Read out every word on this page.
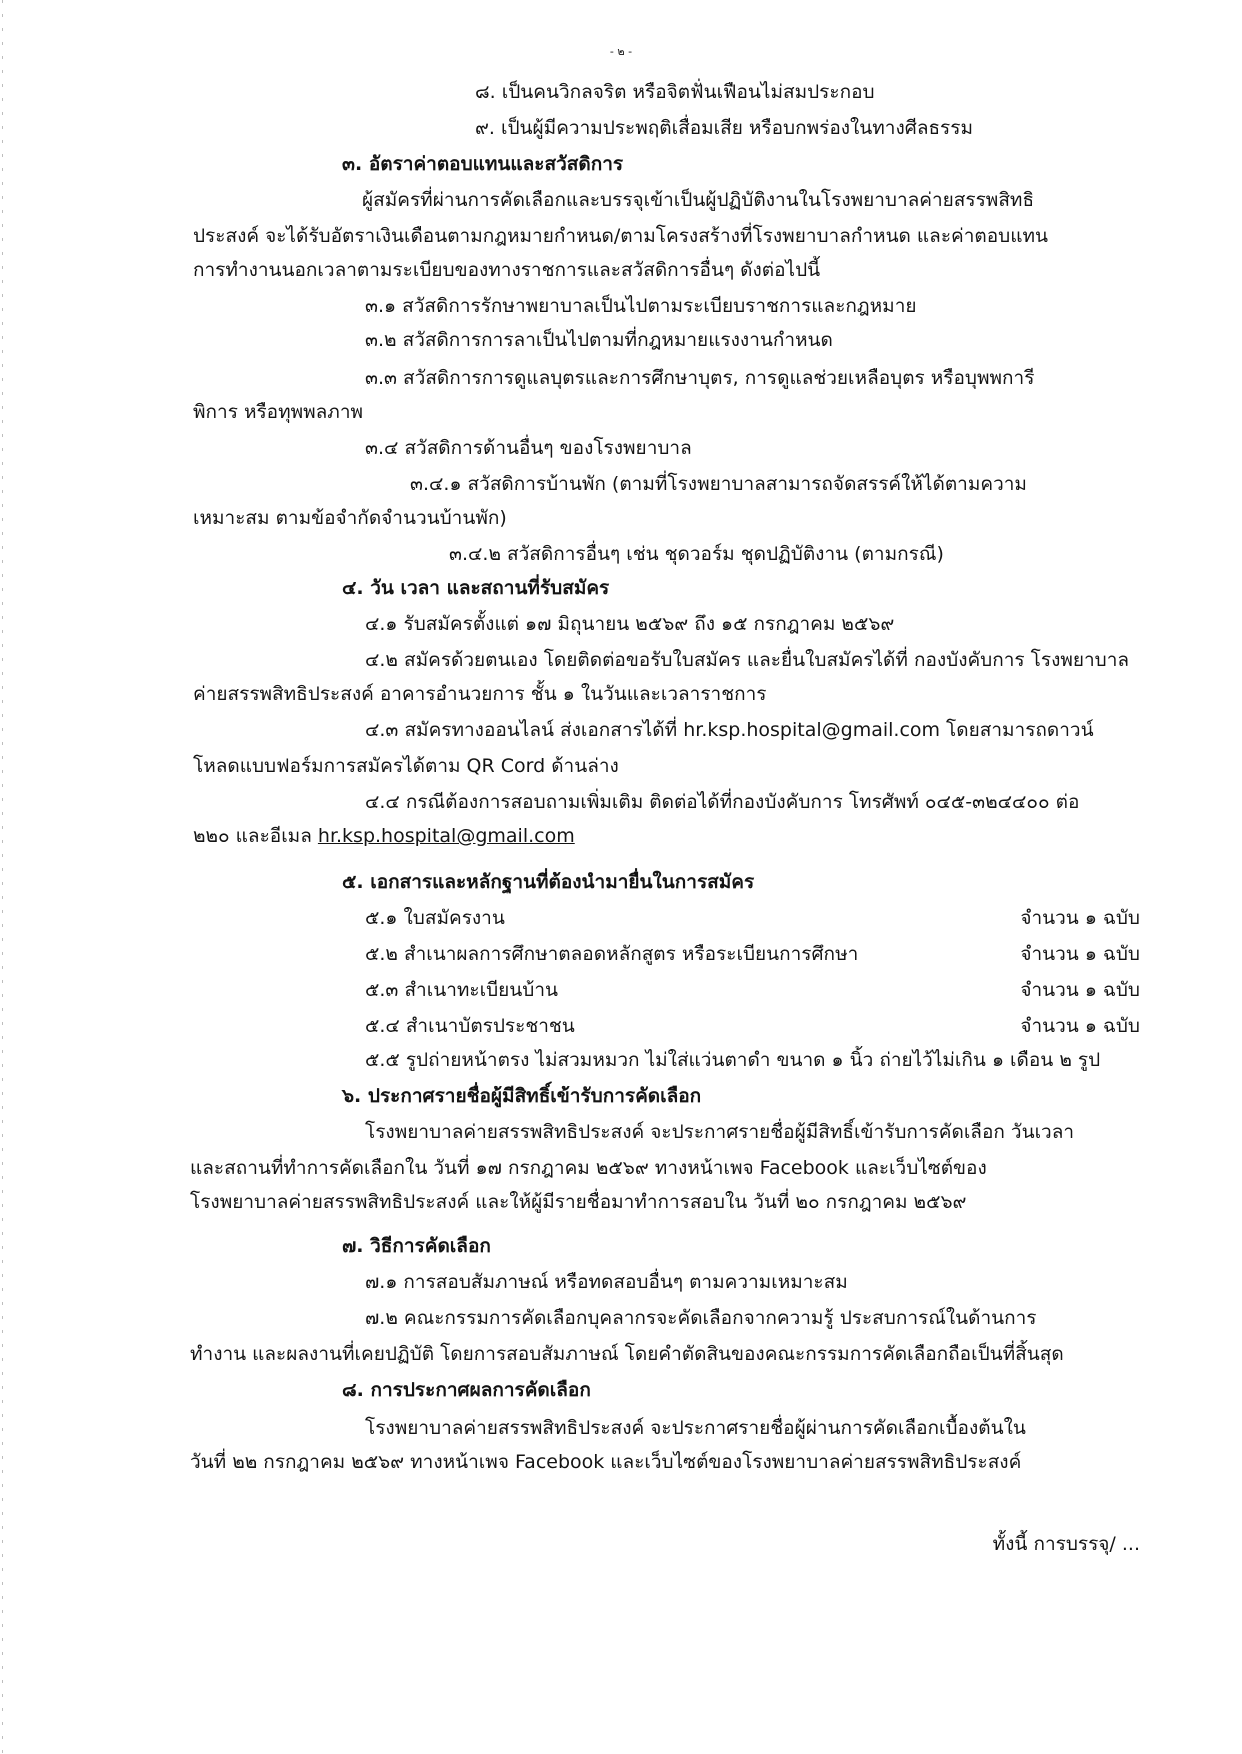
- ๒ -
๘. เป็นคนวิกลจริต หรือจิตฟั่นเฟือนไม่สมประกอบ
๙. เป็นผู้มีความประพฤติเสื่อมเสีย หรือบกพร่องในทางศีลธรรม
๓. อัตราค่าตอบแทนและสวัสดิการ
ผู้สมัครที่ผ่านการคัดเลือกและบรรจุเข้าเป็นผู้ปฏิบัติงานในโรงพยาบาลค่ายสรรพสิทธิ
ประสงค์ จะได้รับอัตราเงินเดือนตามกฎหมายกำหนด/ตามโครงสร้างที่โรงพยาบาลกำหนด และค่าตอบแทน
การทำงานนอกเวลาตามระเบียบของทางราชการและสวัสดิการอื่นๆ ดังต่อไปนี้
๓.๑ สวัสดิการรักษาพยาบาลเป็นไปตามระเบียบราชการและกฎหมาย
๓.๒ สวัสดิการการลาเป็นไปตามที่กฎหมายแรงงานกำหนด
๓.๓ สวัสดิการการดูแลบุตรและการศึกษาบุตร, การดูแลช่วยเหลือบุตร หรือบุพพการี
พิการ หรือทุพพลภาพ
๓.๔ สวัสดิการด้านอื่นๆ ของโรงพยาบาล
๓.๔.๑ สวัสดิการบ้านพัก (ตามที่โรงพยาบาลสามารถจัดสรรค์ให้ได้ตามความ
เหมาะสม ตามข้อจำกัดจำนวนบ้านพัก)
๓.๔.๒ สวัสดิการอื่นๆ เช่น ชุดวอร์ม ชุดปฏิบัติงาน (ตามกรณี)
๔. วัน เวลา และสถานที่รับสมัคร
๔.๑ รับสมัครตั้งแต่ ๑๗ มิถุนายน ๒๕๖๙ ถึง ๑๕ กรกฎาคม ๒๕๖๙
๔.๒ สมัครด้วยตนเอง โดยติดต่อขอรับใบสมัคร และยื่นใบสมัครได้ที่ กองบังคับการ โรงพยาบาล
ค่ายสรรพสิทธิประสงค์ อาคารอำนวยการ ชั้น ๑ ในวันและเวลาราชการ
๔.๓ สมัครทางออนไลน์ ส่งเอกสารได้ที่ hr.ksp.hospital@gmail.com โดยสามารถดาวน์
โหลดแบบฟอร์มการสมัครได้ตาม QR Cord ด้านล่าง
๔.๔ กรณีต้องการสอบถามเพิ่มเติม ติดต่อได้ที่กองบังคับการ โทรศัพท์ ๐๔๕-๓๒๔๔๐๐ ต่อ
๒๒๐ และอีเมล hr.ksp.hospital@gmail.com
๕. เอกสารและหลักฐานที่ต้องนำมายื่นในการสมัคร
๕.๑ ใบสมัครงาน	จำนวน ๑ ฉบับ
๕.๒ สำเนาผลการศึกษาตลอดหลักสูตร หรือระเบียนการศึกษา	จำนวน ๑ ฉบับ
๕.๓ สำเนาทะเบียนบ้าน	จำนวน ๑ ฉบับ
๕.๔ สำเนาบัตรประชาชน	จำนวน ๑ ฉบับ
๕.๕ รูปถ่ายหน้าตรง ไม่สวมหมวก ไม่ใส่แว่นตาดำ ขนาด ๑ นิ้ว ถ่ายไว้ไม่เกิน ๑ เดือน ๒ รูป
๖. ประกาศรายชื่อผู้มีสิทธิ์เข้ารับการคัดเลือก
โรงพยาบาลค่ายสรรพสิทธิประสงค์ จะประกาศรายชื่อผู้มีสิทธิ์เข้ารับการคัดเลือก วันเวลา
และสถานที่ทำการคัดเลือกใน วันที่ ๑๗ กรกฎาคม ๒๕๖๙ ทางหน้าเพจ Facebook และเว็บไซต์ของ
โรงพยาบาลค่ายสรรพสิทธิประสงค์ และให้ผู้มีรายชื่อมาทำการสอบใน วันที่ ๒๐ กรกฎาคม ๒๕๖๙
๗. วิธีการคัดเลือก
๗.๑ การสอบสัมภาษณ์ หรือทดสอบอื่นๆ ตามความเหมาะสม
๗.๒ คณะกรรมการคัดเลือกบุคลากรจะคัดเลือกจากความรู้ ประสบการณ์ในด้านการ
ทำงาน และผลงานที่เคยปฏิบัติ โดยการสอบสัมภาษณ์ โดยคำตัดสินของคณะกรรมการคัดเลือกถือเป็นที่สิ้นสุด
๘. การประกาศผลการคัดเลือก
โรงพยาบาลค่ายสรรพสิทธิประสงค์ จะประกาศรายชื่อผู้ผ่านการคัดเลือกเบื้องต้นใน
วันที่ ๒๒ กรกฎาคม ๒๕๖๙ ทางหน้าเพจ Facebook และเว็บไซต์ของโรงพยาบาลค่ายสรรพสิทธิประสงค์
ทั้งนี้ การบรรจุ/ ...
